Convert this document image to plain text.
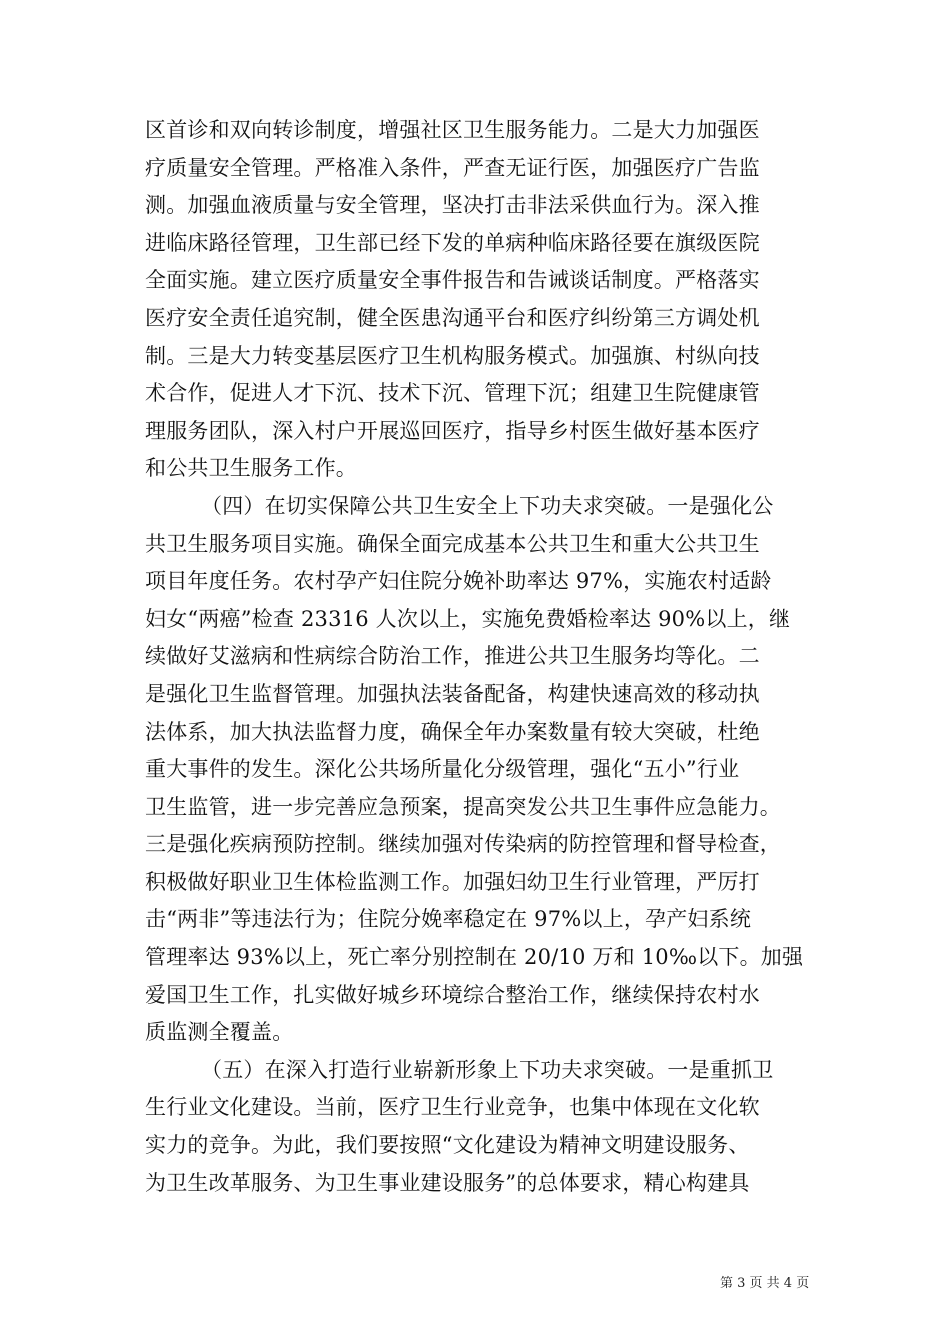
区首诊和双向转诊制度，增强社区卫生服务能力。二是大力加强医
疗质量安全管理。严格准入条件，严查无证行医，加强医疗广告监
测。加强血液质量与安全管理，坚决打击非法采供血行为。深入推
进临床路径管理，卫生部已经下发的单病种临床路径要在旗级医院
全面实施。建立医疗质量安全事件报告和告诫谈话制度。严格落实
医疗安全责任追究制，健全医患沟通平台和医疗纠纷第三方调处机
制。三是大力转变基层医疗卫生机构服务模式。加强旗、村纵向技
术合作，促进人才下沉、技术下沉、管理下沉；组建卫生院健康管
理服务团队，深入村户开展巡回医疗，指导乡村医生做好基本医疗
和公共卫生服务工作。
（四）在切实保障公共卫生安全上下功夫求突破。一是强化公
共卫生服务项目实施。确保全面完成基本公共卫生和重大公共卫生
项目年度任务。农村孕产妇住院分娩补助率达 97%，实施农村适龄
妇女“两癌”检查 23316 人次以上，实施免费婚检率达 90%以上，继
续做好艾滋病和性病综合防治工作，推进公共卫生服务均等化。二
是强化卫生监督管理。加强执法装备配备，构建快速高效的移动执
法体系，加大执法监督力度，确保全年办案数量有较大突破，杜绝
重大事件的发生。深化公共场所量化分级管理，强化“五小”行业
卫生监管，进一步完善应急预案，提高突发公共卫生事件应急能力。
三是强化疾病预防控制。继续加强对传染病的防控管理和督导检查，
积极做好职业卫生体检监测工作。加强妇幼卫生行业管理，严厉打
击“两非”等违法行为；住院分娩率稳定在 97%以上，孕产妇系统
管理率达 93%以上，死亡率分别控制在 20/10 万和 10‰以下。加强
爱国卫生工作，扎实做好城乡环境综合整治工作，继续保持农村水
质监测全覆盖。
（五）在深入打造行业崭新形象上下功夫求突破。一是重抓卫
生行业文化建设。当前，医疗卫生行业竞争，也集中体现在文化软
实力的竞争。为此，我们要按照“文化建设为精神文明建设服务、
为卫生改革服务、为卫生事业建设服务”的总体要求，精心构建具
第 3 页 共 4 页
